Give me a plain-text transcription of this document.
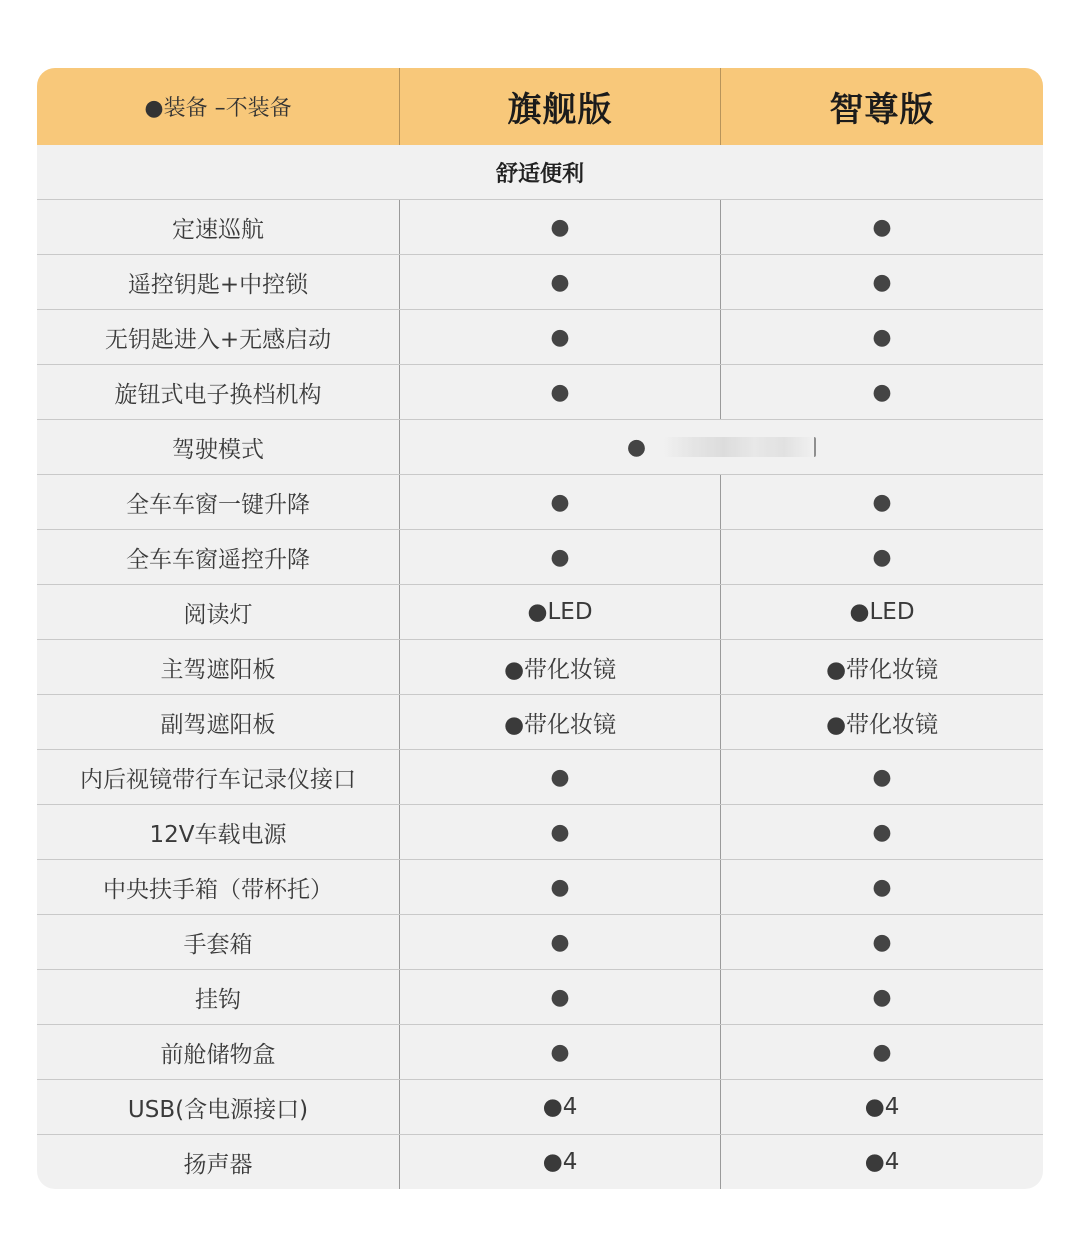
●装备 –不装备	旗舰版	智尊版
舒适便利
定速巡航	●	●
遥控钥匙+中控锁	●	●
无钥匙进入+无感启动	●	●
旋钮式电子换档机构	●	●
驾驶模式	●
全车车窗一键升降	●	●
全车车窗遥控升降	●	●
阅读灯	●LED	●LED
主驾遮阳板	●带化妆镜	●带化妆镜
副驾遮阳板	●带化妆镜	●带化妆镜
内后视镜带行车记录仪接口	●	●
12V车载电源	●	●
中央扶手箱（带杯托）	●	●
手套箱	●	●
挂钩	●	●
前舱储物盒	●	●
USB(含电源接口)	●4	●4
扬声器	●4	●4
